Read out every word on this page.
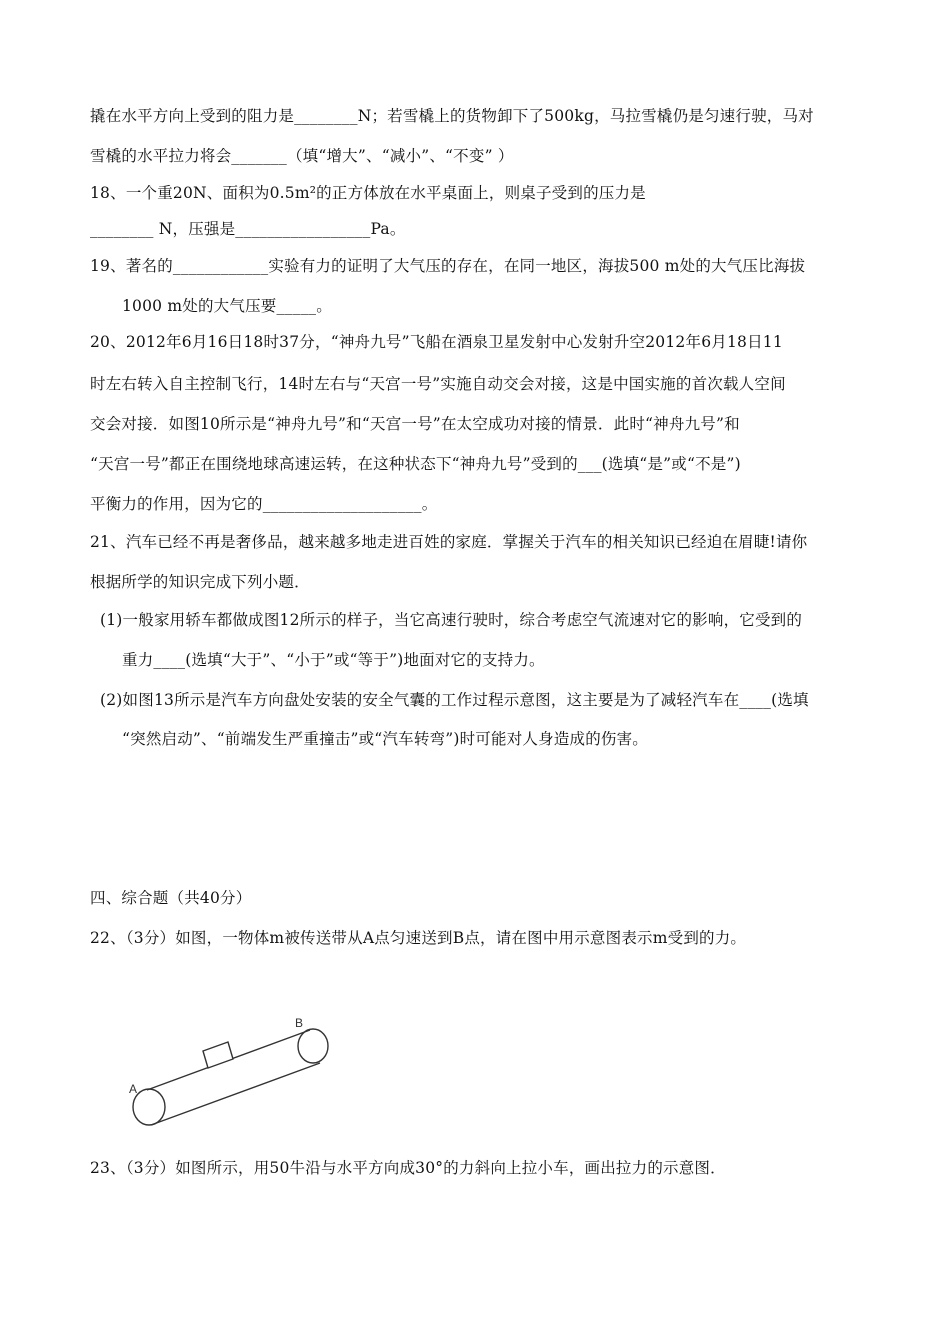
撬在水平方向上受到的阻力是________N；若雪橇上的货物卸下了500kg，马拉雪橇仍是匀速行驶，马对
雪橇的水平拉力将会_______（填“增大”、“减小”、“不变” ）
18、一个重20N、面积为0.5m²的正方体放在水平桌面上，则桌子受到的压力是
________ N，压强是_________________Pa。
19、著名的____________实验有力的证明了大气压的存在，在同一地区，海拔500 m处的大气压比海拔
1000 m处的大气压要_____。
20、2012年6月16日18时37分，“神舟九号”飞船在酒泉卫星发射中心发射升空2012年6月18日11
时左右转入自主控制飞行，14时左右与“天宫一号”实施自动交会对接，这是中国实施的首次载人空间
交会对接．如图10所示是“神舟九号”和“天宫一号”在太空成功对接的情景．此时“神舟九号”和
“天宫一号”都正在围绕地球高速运转，在这种状态下“神舟九号”受到的___(选填“是”或“不是”)
平衡力的作用，因为它的____________________。
21、汽车已经不再是奢侈品，越来越多地走进百姓的家庭．掌握关于汽车的相关知识已经迫在眉睫!请你
根据所学的知识完成下列小题．
(1)一般家用轿车都做成图12所示的样子，当它高速行驶时，综合考虑空气流速对它的影响，它受到的
重力____(选填“大于”、“小于”或“等于”)地面对它的支持力。
(2)如图13所示是汽车方向盘处安装的安全气囊的工作过程示意图，这主要是为了减轻汽车在____(选填
“突然启动”、“前端发生严重撞击”或“汽车转弯”)时可能对人身造成的伤害。
四、综合题（共40分）
22、（3分）如图，一物体m被传送带从A点匀速送到B点，请在图中用示意图表示m受到的力。
A
B
23、（3分）如图所示，用50牛沿与水平方向成30°的力斜向上拉小车，画出拉力的示意图．
